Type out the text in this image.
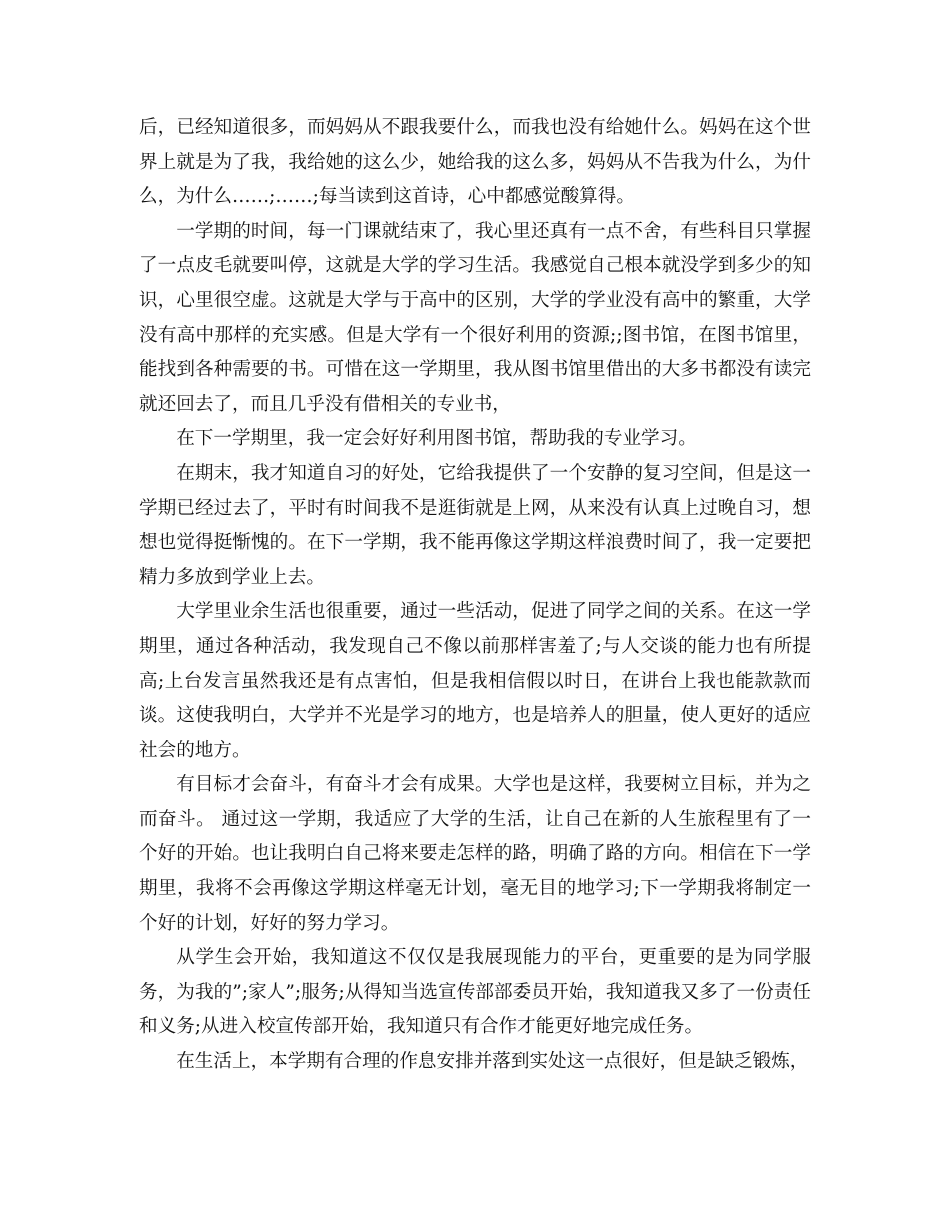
后，已经知道很多，而妈妈从不跟我要什么，而我也没有给她什么。妈妈在这个世界上就是为了我，我给她的这么少，她给我的这么多，妈妈从不告我为什么，为什么，为什么……;……;每当读到这首诗，心中都感觉酸算得。

一学期的时间，每一门课就结束了，我心里还真有一点不舍，有些科目只掌握了一点皮毛就要叫停，这就是大学的学习生活。我感觉自己根本就没学到多少的知识，心里很空虚。这就是大学与于高中的区别，大学的学业没有高中的繁重，大学没有高中那样的充实感。但是大学有一个很好利用的资源;;图书馆，在图书馆里，能找到各种需要的书。可惜在这一学期里，我从图书馆里借出的大多书都没有读完就还回去了，而且几乎没有借相关的专业书，

在下一学期里，我一定会好好利用图书馆，帮助我的专业学习。

在期末，我才知道自习的好处，它给我提供了一个安静的复习空间，但是这一学期已经过去了，平时有时间我不是逛街就是上网，从来没有认真上过晚自习，想想也觉得挺惭愧的。在下一学期，我不能再像这学期这样浪费时间了，我一定要把精力多放到学业上去。

大学里业余生活也很重要，通过一些活动，促进了同学之间的关系。在这一学期里，通过各种活动，我发现自己不像以前那样害羞了;与人交谈的能力也有所提高;上台发言虽然我还是有点害怕，但是我相信假以时日，在讲台上我也能款款而谈。这使我明白，大学并不光是学习的地方，也是培养人的胆量，使人更好的适应社会的地方。

有目标才会奋斗，有奋斗才会有成果。大学也是这样，我要树立目标，并为之而奋斗。 通过这一学期，我适应了大学的生活，让自己在新的人生旅程里有了一个好的开始。也让我明白自己将来要走怎样的路，明确了路的方向。相信在下一学期里，我将不会再像这学期这样毫无计划，毫无目的地学习;下一学期我将制定一个好的计划，好好的努力学习。

从学生会开始，我知道这不仅仅是我展现能力的平台，更重要的是为同学服务，为我的”;家人”;服务;从得知当选宣传部部委员开始，我知道我又多了一份责任和义务;从进入校宣传部开始，我知道只有合作才能更好地完成任务。

在生活上，本学期有合理的作息安排并落到实处这一点很好，但是缺乏锻炼，
